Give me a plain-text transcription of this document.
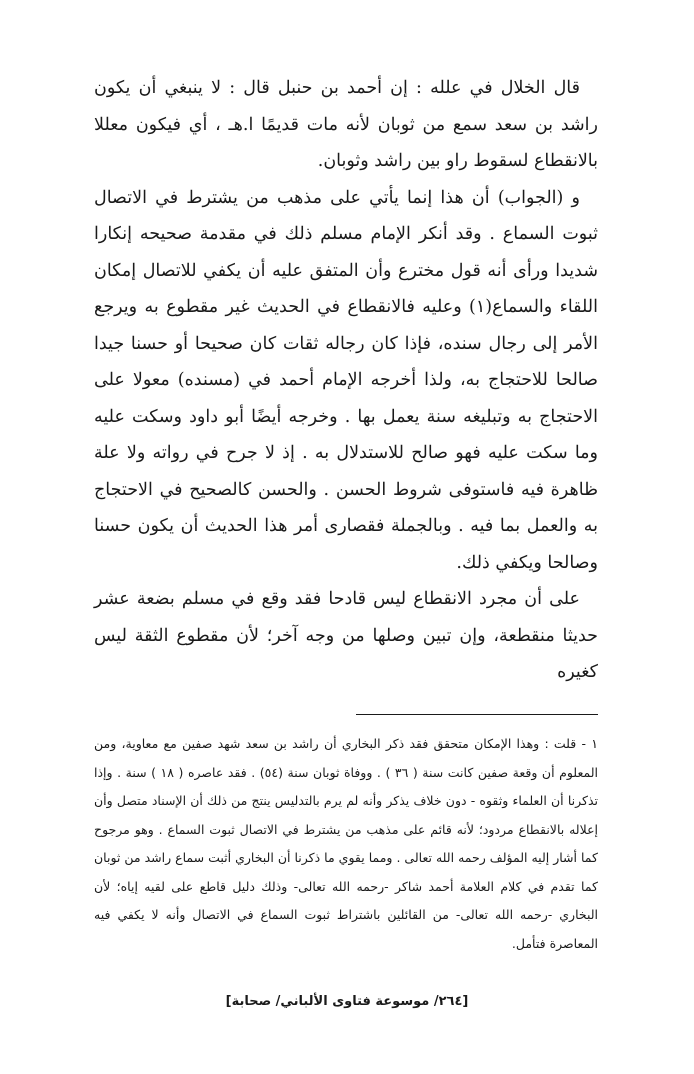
قال الخلال في علله : إن أحمد بن حنبل قال : لا ينبغي أن يكون راشد بن سعد سمع من ثوبان لأنه مات قديمًا ا.هـ ، أي فيكون معللا بالانقطاع لسقوط راو بين راشد وثوبان.

و (الجواب) أن هذا إنما يأتي على مذهب من يشترط في الاتصال ثبوت السماع . وقد أنكر الإمام مسلم ذلك في مقدمة صحيحه إنكارا شديدا ورأى أنه قول مخترع وأن المتفق عليه أن يكفي للاتصال إمكان اللقاء والسماع(١) وعليه فالانقطاع في الحديث غير مقطوع به ويرجع الأمر إلى رجال سنده، فإذا كان رجاله ثقات كان صحيحا أو حسنا جيدا صالحا للاحتجاج به، ولذا أخرجه الإمام أحمد في (مسنده) معولا على الاحتجاج به وتبليغه سنة يعمل بها . وخرجه أيضًا أبو داود وسكت عليه وما سكت عليه فهو صالح للاستدلال به . إذ لا جرح في رواته ولا علة ظاهرة فيه فاستوفى شروط الحسن . والحسن كالصحيح في الاحتجاج به والعمل بما فيه . وبالجملة فقصارى أمر هذا الحديث أن يكون حسنا وصالحا ويكفي ذلك.

على أن مجرد الانقطاع ليس قادحا فقد وقع في مسلم بضعة عشر حديثا منقطعة، وإن تبين وصلها من وجه آخر؛ لأن مقطوع الثقة ليس كغيره

١ - قلت : وهذا الإمكان متحقق فقد ذكر البخاري أن راشد بن سعد شهد صفين مع معاوية، ومن المعلوم أن وقعة صفين كانت سنة ( ٣٦ ) . ووفاة ثوبان سنة (٥٤) . فقد عاصره ( ١٨ ) سنة . وإذا تذكرنا أن العلماء وثقوه - دون خلاف يذكر وأنه لم يرم بالتدليس ينتج من ذلك أن الإسناد متصل وأن إعلاله بالانقطاع مردود؛ لأنه قائم على مذهب من يشترط في الاتصال ثبوت السماع . وهو مرجوح كما أشار إليه المؤلف رحمه الله تعالى . ومما يقوي ما ذكرنا أن البخاري أثبت سماع راشد من ثوبان كما تقدم في كلام العلامة أحمد شاكر -رحمه الله تعالى- وذلك دليل قاطع على لقيه إياه؛ لأن البخاري -رحمه الله تعالى- من القائلين باشتراط ثبوت السماع في الاتصال وأنه لا يكفي فيه المعاصرة فتأمل.

[٢٦٤/ موسوعة فتاوى الألباني/ صحابة]
